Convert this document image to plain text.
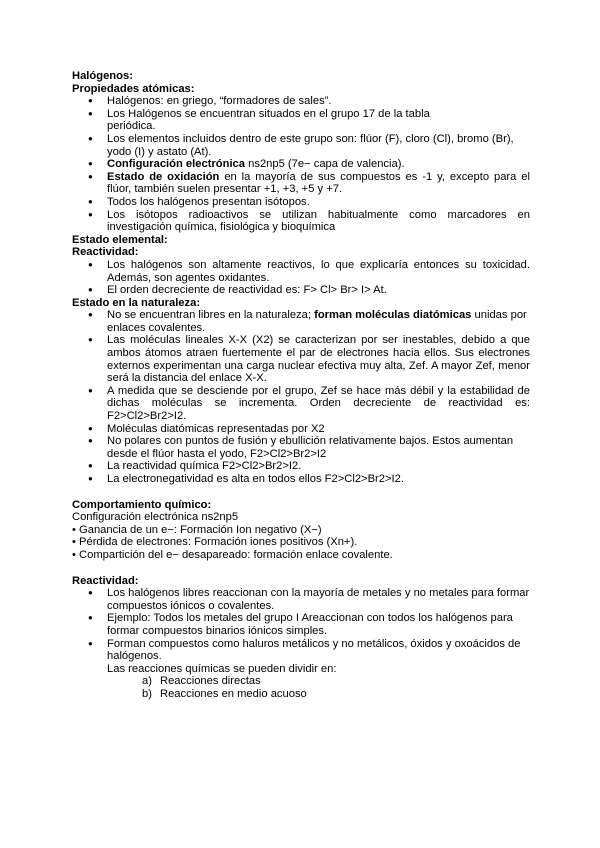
Halógenos:
Propiedades atómicas:
● Halógenos: en griego, “formadores de sales”.
● Los Halógenos se encuentran situados en el grupo 17 de la tabla periódica.
● Los elementos incluidos dentro de este grupo son: flúor (F), cloro (Cl), bromo (Br), yodo (I) y astato (At).
● Configuración electrónica ns2np5 (7e− capa de valencia).
● Estado de oxidación en la mayoría de sus compuestos es -1 y, excepto para el flúor, también suelen presentar +1, +3, +5 y +7.
● Todos los halógenos presentan isótopos.
● Los isótopos radioactivos se utilizan habitualmente como marcadores en investigación química, fisiológica y bioquímica
Estado elemental:
Reactividad:
● Los halógenos son altamente reactivos, lo que explicaría entonces su toxicidad. Además, son agentes oxidantes.
● El orden decreciente de reactividad es: F> Cl> Br> I> At.
Estado en la naturaleza:
● No se encuentran libres en la naturaleza; forman moléculas diatómicas unidas por enlaces covalentes.
● Las moléculas lineales X-X (X2) se caracterizan por ser inestables, debido a que ambos átomos atraen fuertemente el par de electrones hacia ellos. Sus electrones externos experimentan una carga nuclear efectiva muy alta, Zef. A mayor Zef, menor será la distancia del enlace X-X.
● A medida que se desciende por el grupo, Zef se hace más débil y la estabilidad de dichas moléculas se incrementa. Orden decreciente de reactividad es: F2>Cl2>Br2>I2.
● Moléculas diatómicas representadas por X2
● No polares con puntos de fusión y ebullición relativamente bajos. Estos aumentan desde el flúor hasta el yodo, F2>Cl2>Br2>I2
● La reactividad química F2>Cl2>Br2>I2.
● La electronegatividad es alta en todos ellos F2>Cl2>Br2>I2.
Comportamiento químico:
Configuración electrónica ns2np5
• Ganancia de un e−: Formación Ion negativo (X−)
• Pérdida de electrones: Formación iones positivos (Xn+).
• Compartición del e− desapareado: formación enlace covalente.
Reactividad:
● Los halógenos libres reaccionan con la mayoría de metales y no metales para formar compuestos iónicos o covalentes.
● Ejemplo: Todos los metales del grupo I Areaccionan con todos los halógenos para formar compuestos binarios iónicos simples.
● Forman compuestos como haluros metálicos y no metálicos, óxidos y oxoácidos de halógenos.
Las reacciones químicas se pueden dividir en:
a) Reacciones directas
b) Reacciones en medio acuoso
